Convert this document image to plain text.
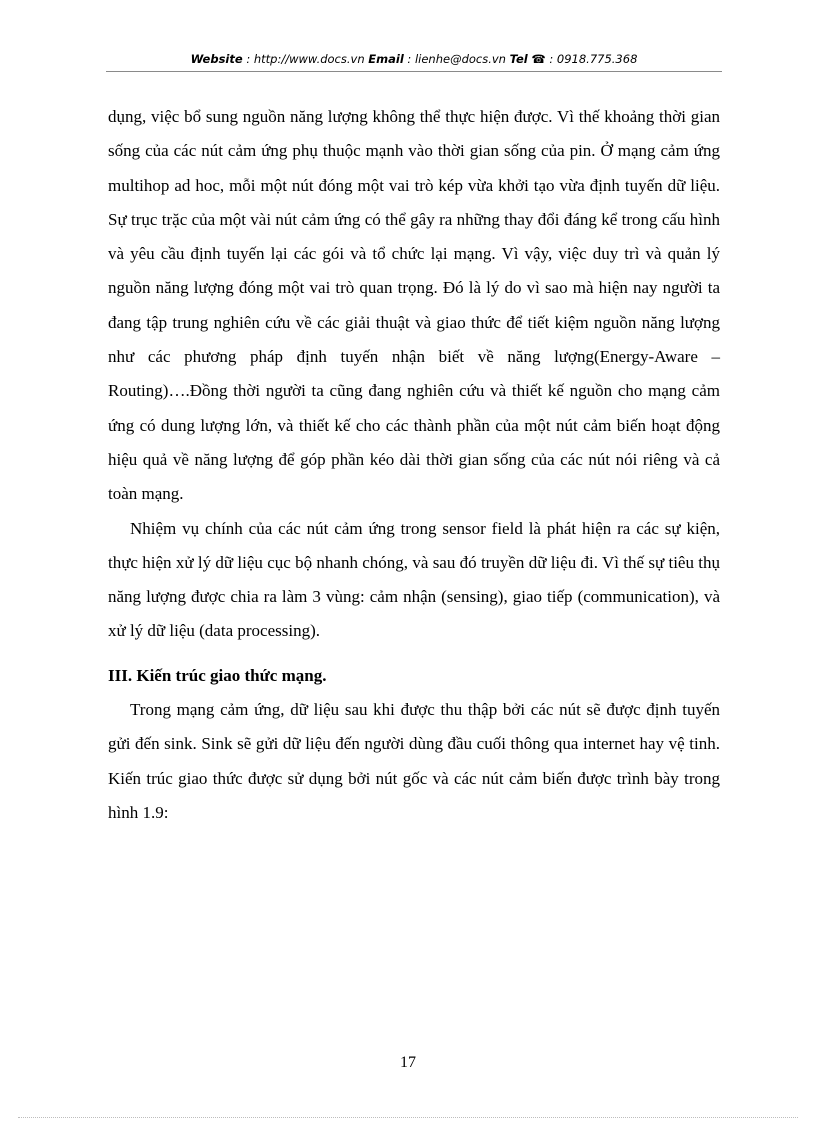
Website : http://www.docs.vn Email : lienhe@docs.vn Tel ☎ : 0918.775.368

dụng, việc bổ sung nguồn năng lượng không thể thực hiện được. Vì thế khoảng thời gian sống của các nút cảm ứng phụ thuộc mạnh vào thời gian sống của pin. Ở mạng cảm ứng multihop ad hoc, mỗi một nút đóng một vai trò kép vừa khởi tạo vừa định tuyến dữ liệu. Sự trục trặc của một vài nút cảm ứng có thể gây ra những thay đổi đáng kể trong cấu hình và yêu cầu định tuyến lại các gói và tổ chức lại mạng. Vì vậy, việc duy trì và quản lý nguồn năng lượng đóng một vai trò quan trọng. Đó là lý do vì sao mà hiện nay người ta đang tập trung nghiên cứu về các giải thuật và giao thức để tiết kiệm nguồn năng lượng như các phương pháp định tuyến nhận biết về năng lượng(Energy-Aware –Routing)….Đồng thời người ta cũng đang nghiên cứu và thiết kế nguồn cho mạng cảm ứng có dung lượng lớn, và thiết kế cho các thành phần của một nút cảm biến hoạt động hiệu quả về năng lượng để góp phần kéo dài thời gian sống của các nút nói riêng và cả toàn mạng.

Nhiệm vụ chính của các nút cảm ứng trong sensor field là phát hiện ra các sự kiện, thực hiện xử lý dữ liệu cục bộ nhanh chóng, và sau đó truyền dữ liệu đi. Vì thế sự tiêu thụ năng lượng được chia ra làm 3 vùng: cảm nhận (sensing), giao tiếp (communication), và xử lý dữ liệu (data processing).

III. Kiến trúc giao thức mạng.

Trong mạng cảm ứng, dữ liệu sau khi được thu thập bởi các nút sẽ được định tuyến gửi đến sink. Sink sẽ gửi dữ liệu đến người dùng đầu cuối thông qua internet hay vệ tinh. Kiến trúc giao thức được sử dụng bởi nút gốc và các nút cảm biến được trình bày trong hình 1.9:

17
